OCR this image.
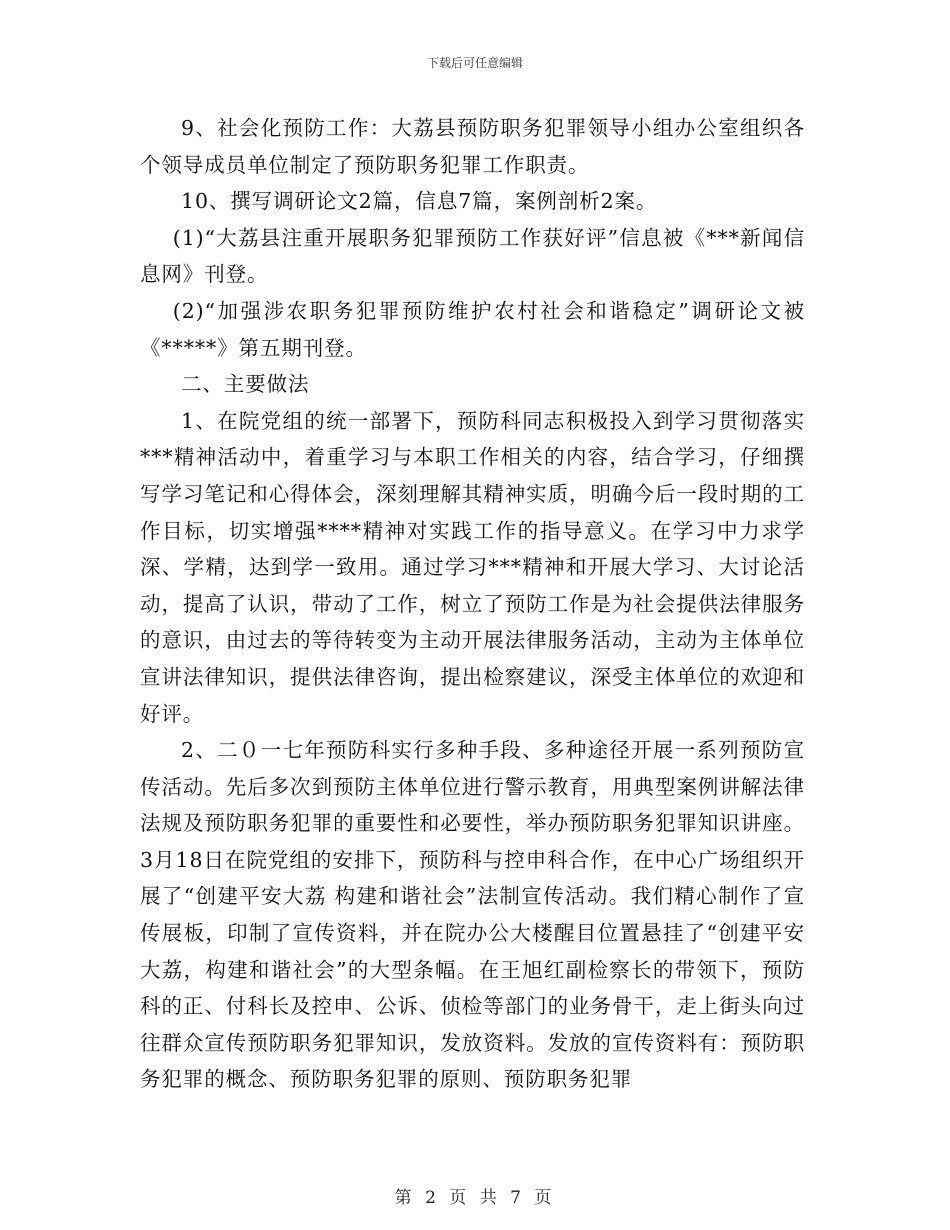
下载后可任意编辑

9、社会化预防工作：大荔县预防职务犯罪领导小组办公室组织各个领导成员单位制定了预防职务犯罪工作职责。

10、撰写调研论文2篇，信息7篇，案例剖析2案。

(1)“大荔县注重开展职务犯罪预防工作获好评”信息被《***新闻信息网》刊登。

(2)“加强涉农职务犯罪预防维护农村社会和谐稳定”调研论文被《*****》第五期刊登。

二、主要做法

1、在院党组的统一部署下，预防科同志积极投入到学习贯彻落实***精神活动中，着重学习与本职工作相关的内容，结合学习，仔细撰写学习笔记和心得体会，深刻理解其精神实质，明确今后一段时期的工作目标，切实增强****精神对实践工作的指导意义。在学习中力求学深、学精，达到学一致用。通过学习***精神和开展大学习、大讨论活动，提高了认识，带动了工作，树立了预防工作是为社会提供法律服务的意识，由过去的等待转变为主动开展法律服务活动，主动为主体单位宣讲法律知识，提供法律咨询，提出检察建议，深受主体单位的欢迎和好评。

2、二０一七年预防科实行多种手段、多种途径开展一系列预防宣传活动。先后多次到预防主体单位进行警示教育，用典型案例讲解法律法规及预防职务犯罪的重要性和必要性，举办预防职务犯罪知识讲座。3月18日在院党组的安排下，预防科与控申科合作，在中心广场组织开展了“创建平安大荔 构建和谐社会”法制宣传活动。我们精心制作了宣传展板，印制了宣传资料，并在院办公大楼醒目位置悬挂了“创建平安大荔，构建和谐社会”的大型条幅。在王旭红副检察长的带领下，预防科的正、付科长及控申、公诉、侦检等部门的业务骨干，走上街头向过往群众宣传预防职务犯罪知识，发放资料。发放的宣传资料有：预防职务犯罪的概念、预防职务犯罪的原则、预防职务犯罪

第 2 页 共 7 页
